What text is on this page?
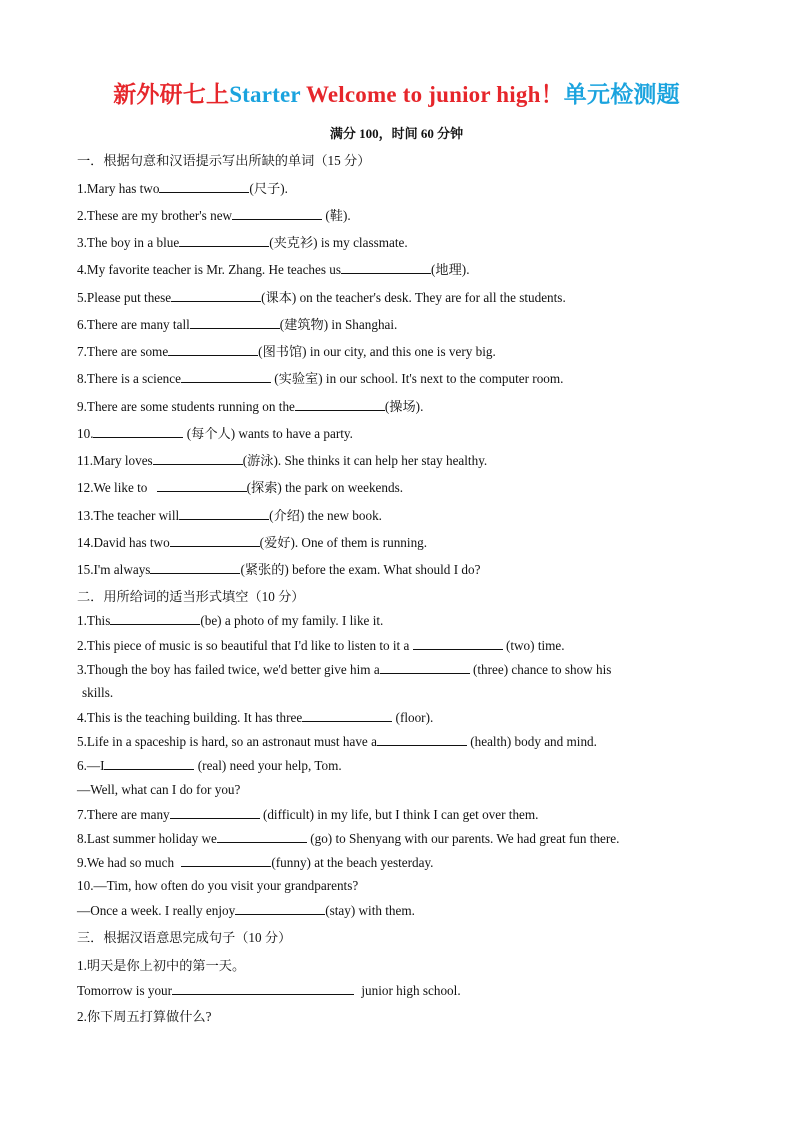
新外研七上Starter Welcome to junior high！单元检测题
满分 100，时间 60 分钟
一．根据句意和汉语提示写出所缺的单词（15 分）
1.Mary has two	(尺子).
2.These are my brother's new	(鞋).
3.The boy in a blue	(夹克衫) is my classmate.
4.My favorite teacher is Mr. Zhang. He teaches us	(地理).
5.Please put these	(课本) on the teacher's desk. They are for all the students.
6.There are many tall	(建筑物) in Shanghai.
7.There are some	(图书馆) in our city, and this one is very big.
8.There is a science	(实验室) in our school. It's next to the computer room.
9.There are some students running on the	(操场).
10.	(每个人) wants to have a party.
11.Mary loves	(游泳). She thinks it can help her stay healthy.
12.We like to	(探索) the park on weekends.
13.The teacher will	(介绍) the new book.
14.David has two	(爱好). One of them is running.
15.I'm always	(紧张的) before the exam. What should I do?
二．用所给词的适当形式填空（10 分）
1.This	(be) a photo of my family. I like it.
2.This piece of music is so beautiful that I'd like to listen to it a	(two) time.
3.Though the boy has failed twice, we'd better give him a	(three) chance to show his
skills.
4.This is the teaching building. It has three	(floor).
5.Life in a spaceship is hard, so an astronaut must have a	(health) body and mind.
6.—I	(real) need your help, Tom.
—Well, what can I do for you?
7.There are many	(difficult) in my life, but I think I can get over them.
8.Last summer holiday we	(go) to Shenyang with our parents. We had great fun there.
9.We had so much	(funny) at the beach yesterday.
10.—Tim, how often do you visit your grandparents?
—Once a week. I really enjoy	(stay) with them.
三．根据汉语意思完成句子（10 分）
1.明天是你上初中的第一天。
Tomorrow is your	junior high school.
2.你下周五打算做什么?
